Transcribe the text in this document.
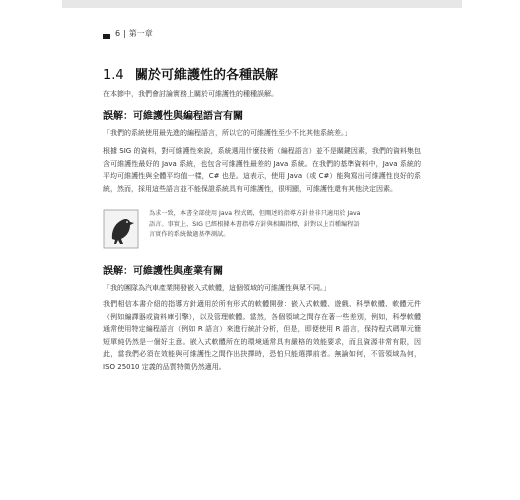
6 | 第一章
1.4 關於可維護性的各種誤解

在本節中，我們會討論實務上關於可維護性的種種誤解。

誤解：可維護性與編程語言有關
「我們的系統使用最先進的編程語言，所以它的可維護性至少不比其他系統差。」

根據 SIG 的資料，對可維護性來說，系統選用什麼技術（編程語言）並不是關鍵因素，我們的資料集包含可維護性最好的 Java 系統，也包含可維護性最差的 Java 系統。在我們的基準資料中，Java 系統的平均可維護性與全體平均值一樣，C# 也是。這表示，使用 Java（或 C#）能夠寫出可維護性良好的系統，然而，採用這些語言並不能保證系統具有可維護性，很明顯，可維護性還有其他決定因素。

為求一致，本書全部使用 Java 程式碼，但闡述的指導方針並非只適用於 Java 語言。事實上，SIG 已經根據本書指導方針與相關指標，針對以上百種編程語言實作的系統做過基準測試。
誤解：可維護性與產業有關
「我的團隊為汽車產業開發嵌入式軟體，這個領域的可維護性與眾不同。」

我們相信本書介紹的指導方針適用於所有形式的軟體開發：嵌入式軟體、遊戲、科學軟體、軟體元件（例如編譯器或資料庫引擎），以及管理軟體。當然，各個領域之間存在著一些差別，例如，科學軟體通常使用特定編程語言（例如 R 語言）來進行統計分析，但是，即便使用 R 語言，保持程式碼單元簡短單純仍然是一個好主意。嵌入式軟體所在的環境通常具有嚴格的效能要求，而且資源非常有限，因此，當我們必須在效能與可維護性之間作出抉擇時，恐怕只能選擇前者。無論如何，不管領域為何，ISO 25010 定義的品質特徵仍然適用。
